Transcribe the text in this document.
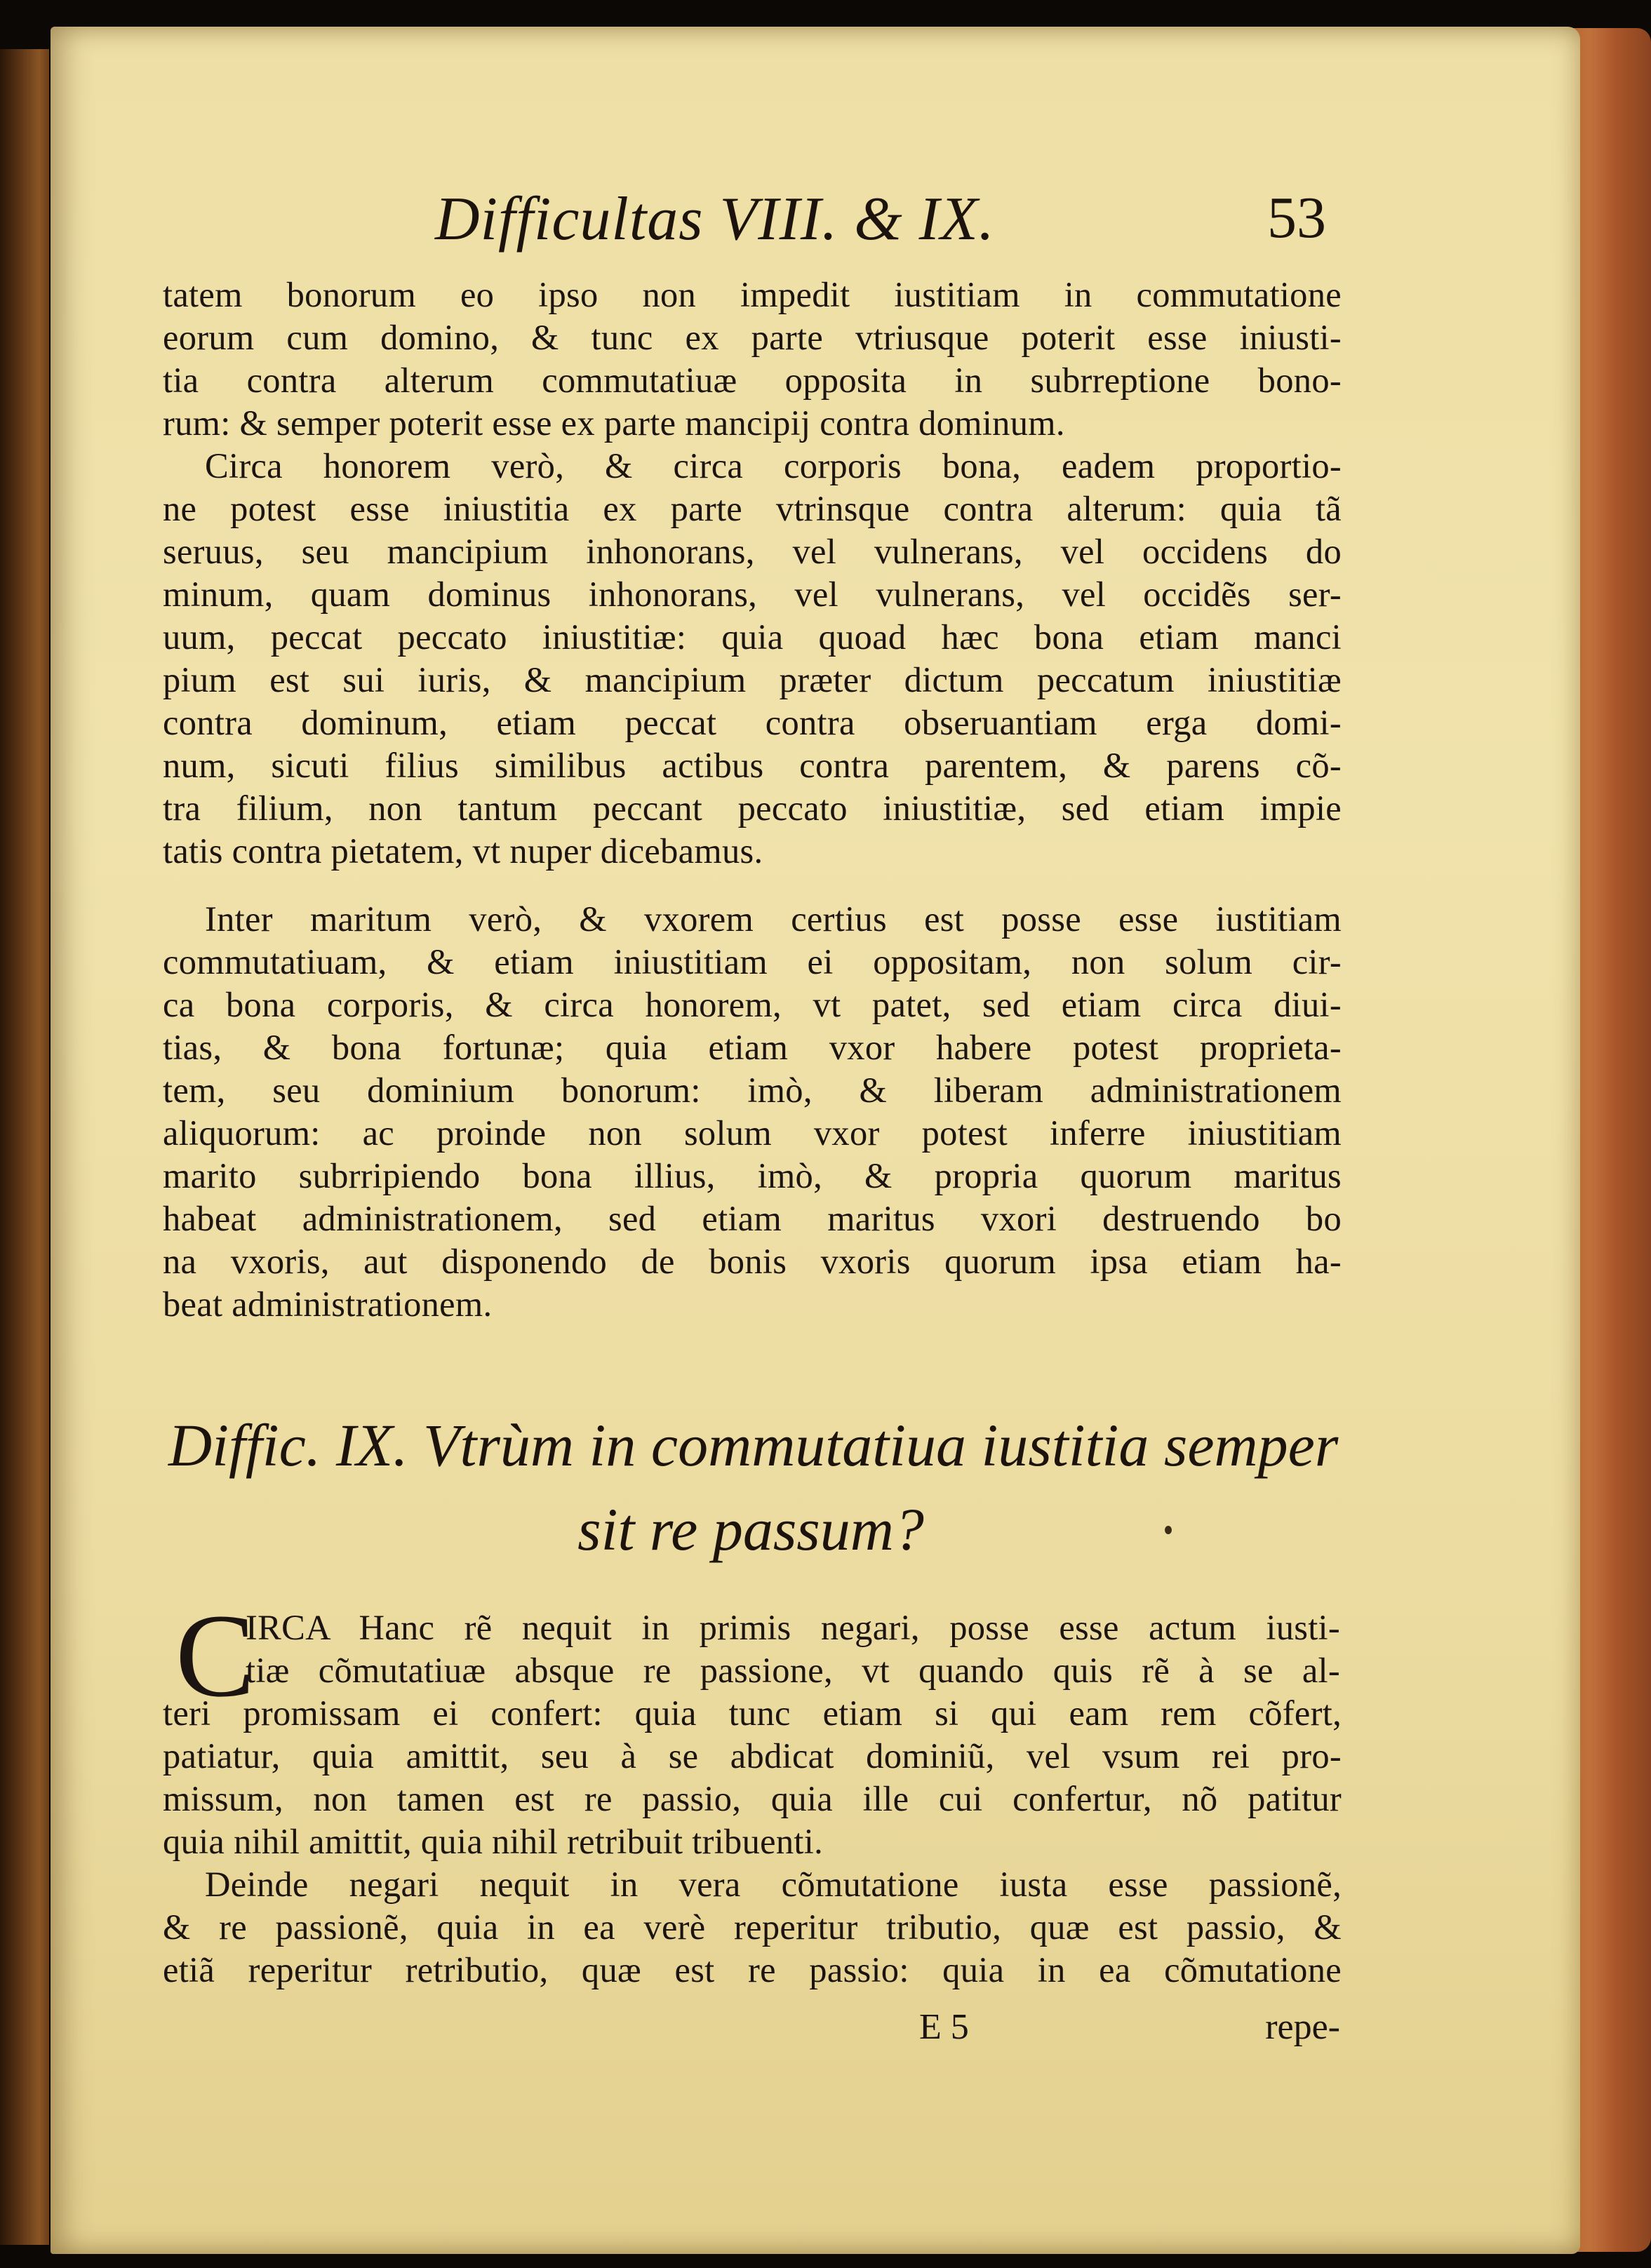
Difficultas VIII. & IX.	53
tatem bonorum eo ipso non impedit iustitiam in commutatione
eorum cum domino, & tunc ex parte vtriusque poterit esse iniusti-
tia contra alterum commutatiuæ opposita in subrreptione bono-
rum: & semper poterit esse ex parte mancipij contra dominum.
Circa honorem verò, & circa corporis bona, eadem proportio-
ne potest esse iniustitia ex parte vtrinsque contra alterum: quia tã
seruus, seu mancipium inhonorans, vel vulnerans, vel occidens do
minum, quam dominus inhonorans, vel vulnerans, vel occidẽs ser-
uum, peccat peccato iniustitiæ: quia quoad hæc bona etiam manci
pium est sui iuris, & mancipium præter dictum peccatum iniustitiæ
contra dominum, etiam peccat contra obseruantiam erga domi-
num, sicuti filius similibus actibus contra parentem, & parens cõ-
tra filium, non tantum peccant peccato iniustitiæ, sed etiam impie
tatis contra pietatem, vt nuper dicebamus.
Inter maritum verò, & vxorem certius est posse esse iustitiam
commutatiuam, & etiam iniustitiam ei oppositam, non solum cir-
ca bona corporis, & circa honorem, vt patet, sed etiam circa diui-
tias, & bona fortunæ; quia etiam vxor habere potest proprieta-
tem, seu dominium bonorum: imò, & liberam administrationem
aliquorum: ac proinde non solum vxor potest inferre iniustitiam
marito subrripiendo bona illius, imò, & propria quorum maritus
habeat administrationem, sed etiam maritus vxori destruendo bo
na vxoris, aut disponendo de bonis vxoris quorum ipsa etiam ha-
beat administrationem.
Diffic. IX. Vtrùm in commutatiua iustitia semper
sit re passum?
C
IRCA Hanc rẽ nequit in primis negari, posse esse actum iusti-
tiæ cõmutatiuæ absque re passione, vt quando quis rẽ à se al-
teri promissam ei confert: quia tunc etiam si qui eam rem cõfert,
patiatur, quia amittit, seu à se abdicat dominiũ, vel vsum rei pro-
missum, non tamen est re passio, quia ille cui confertur, nõ patitur
quia nihil amittit, quia nihil retribuit tribuenti.
Deinde negari nequit in vera cõmutatione iusta esse passionẽ,
& re passionẽ, quia in ea verè reperitur tributio, quæ est passio, &
etiã reperitur retributio, quæ est re passio: quia in ea cõmutatione
E 5	repe-
